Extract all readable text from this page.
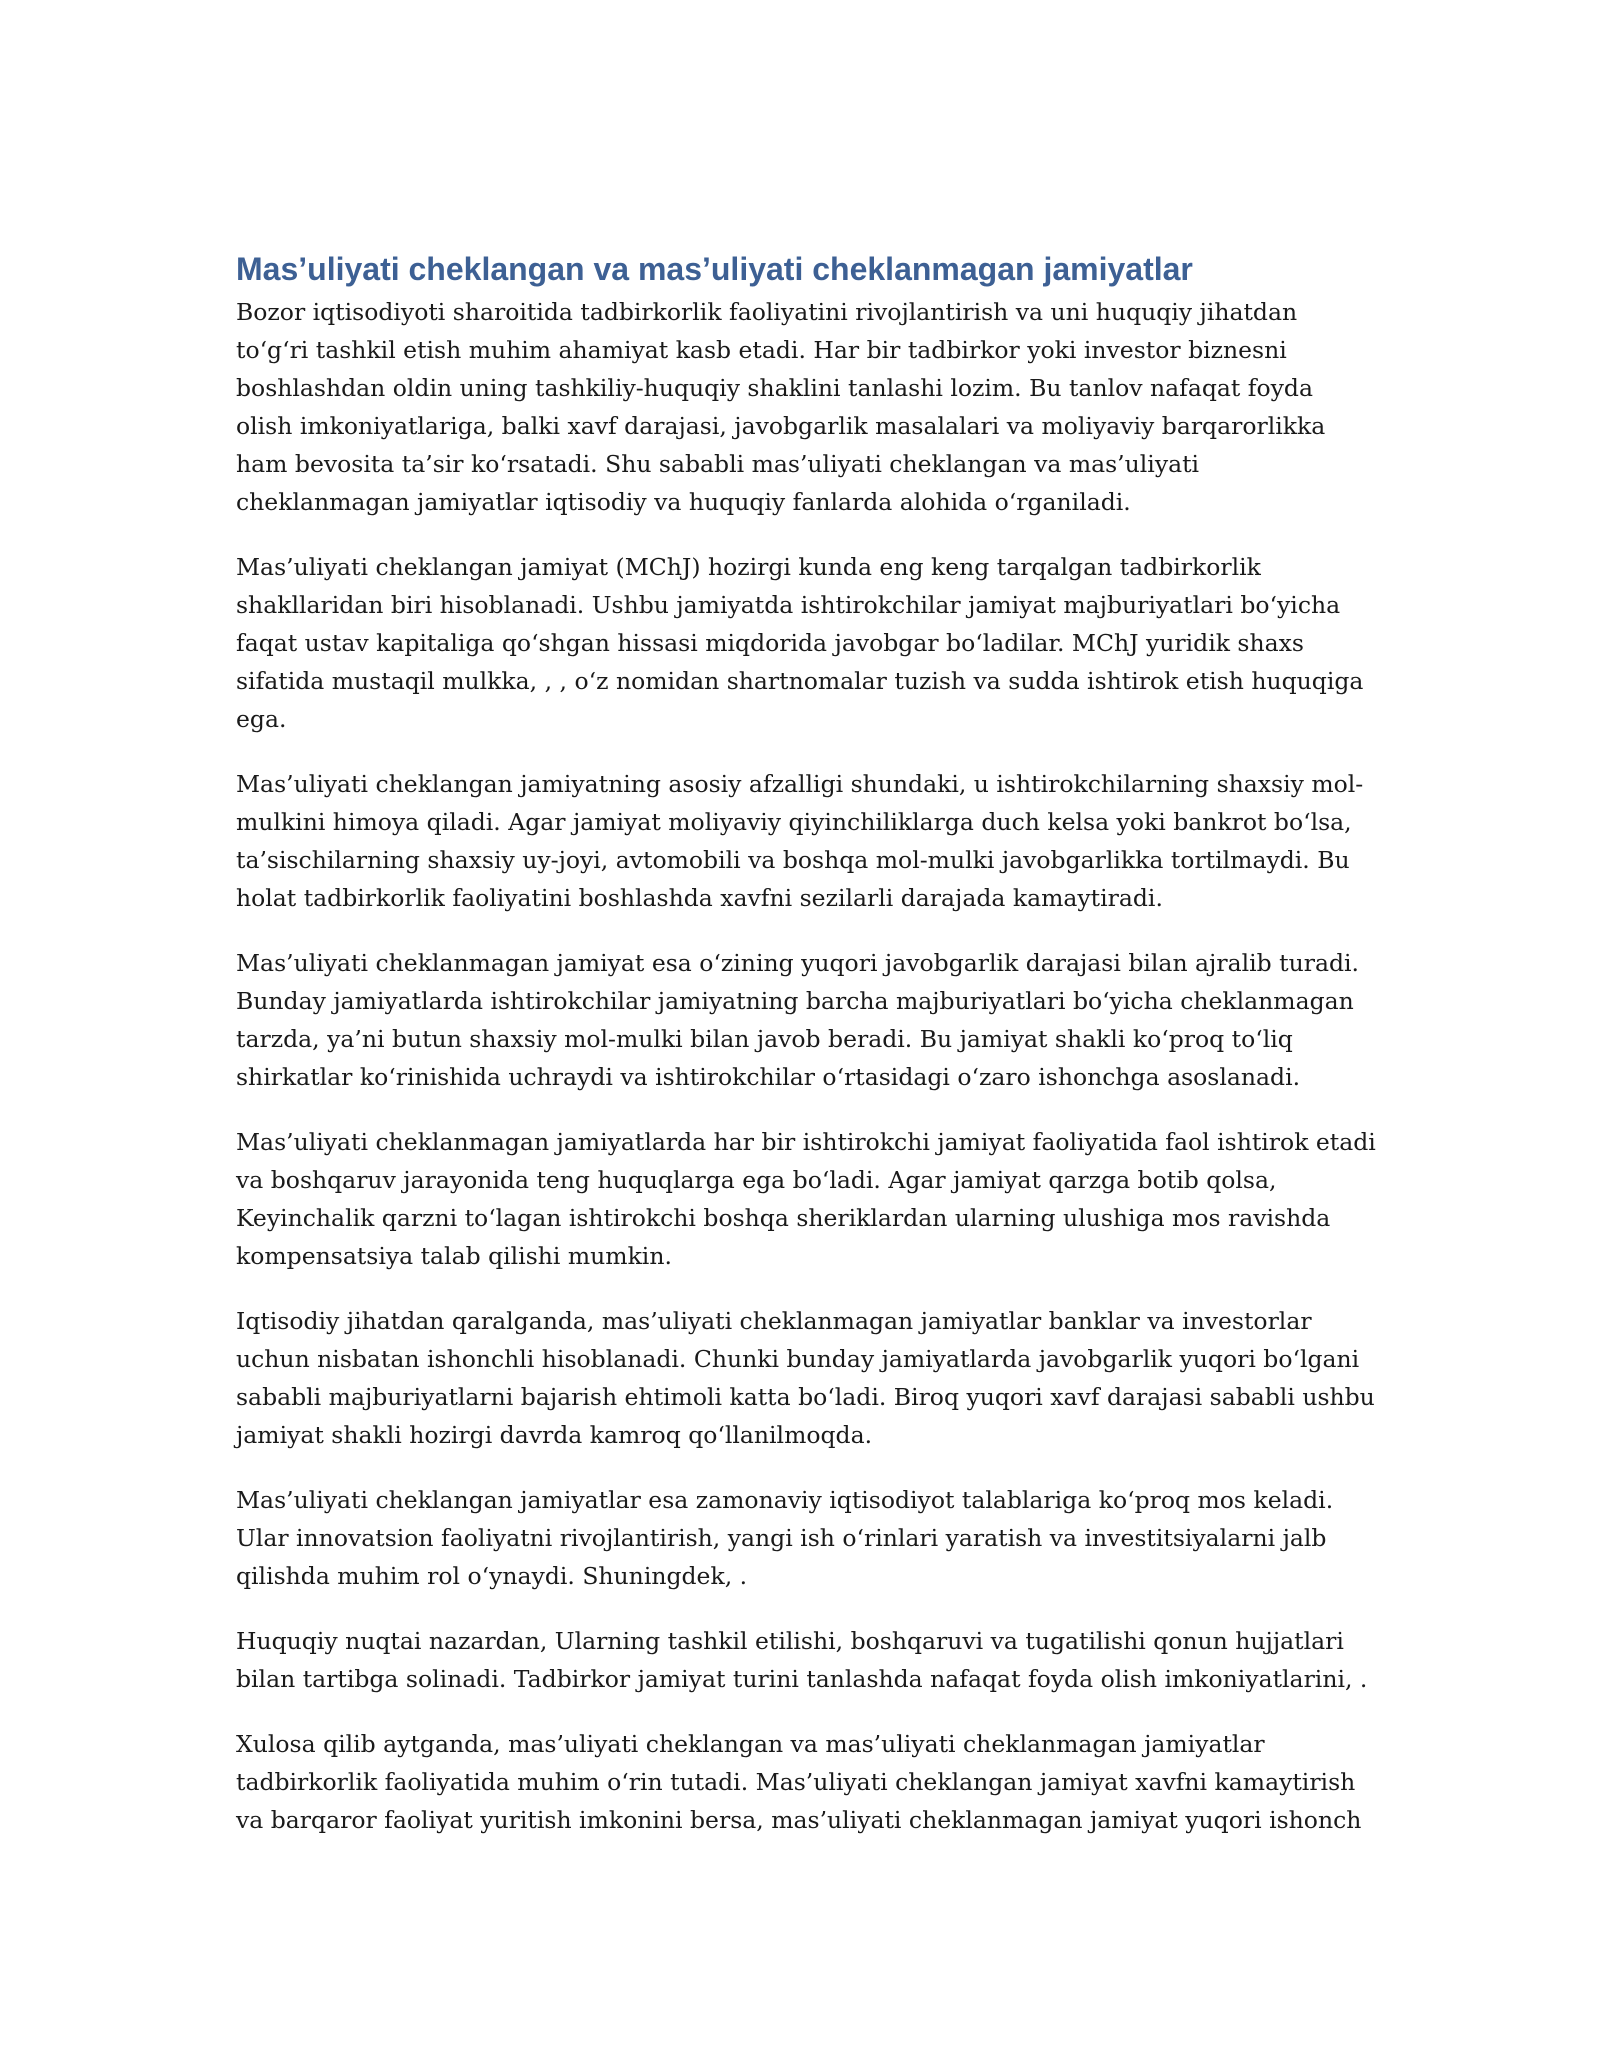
Mas’uliyati cheklangan va mas’uliyati cheklanmagan jamiyatlar

Bozor iqtisodiyoti sharoitida tadbirkorlik faoliyatini rivojlantirish va uni huquqiy jihatdan to‘g‘ri tashkil etish muhim ahamiyat kasb etadi. Har bir tadbirkor yoki investor biznesni boshlashdan oldin uning tashkiliy-huquqiy shaklini tanlashi lozim. Bu tanlov nafaqat foyda olish imkoniyatlariga, balki xavf darajasi, javobgarlik masalalari va moliyaviy barqarorlikka ham bevosita ta’sir ko‘rsatadi. Shu sababli mas’uliyati cheklangan va mas’uliyati cheklanmagan jamiyatlar iqtisodiy va huquqiy fanlarda alohida o‘rganiladi.

Mas’uliyati cheklangan jamiyat (MChJ) hozirgi kunda eng keng tarqalgan tadbirkorlik shakllaridan biri hisoblanadi. Ushbu jamiyatda ishtirokchilar jamiyat majburiyatlari bo‘yicha faqat ustav kapitaliga qo‘shgan hissasi miqdorida javobgar bo‘ladilar. MChJ yuridik shaxs sifatida mustaqil mulkka, , , o‘z nomidan shartnomalar tuzish va sudda ishtirok etish huquqiga ega.

Mas’uliyati cheklangan jamiyatning asosiy afzalligi shundaki, u ishtirokchilarning shaxsiy mol-mulkini himoya qiladi. Agar jamiyat moliyaviy qiyinchiliklarga duch kelsa yoki bankrot bo‘lsa, ta’sischilarning shaxsiy uy-joyi, avtomobili va boshqa mol-mulki javobgarlikka tortilmaydi. Bu holat tadbirkorlik faoliyatini boshlashda xavfni sezilarli darajada kamaytiradi.

Mas’uliyati cheklanmagan jamiyat esa o‘zining yuqori javobgarlik darajasi bilan ajralib turadi. Bunday jamiyatlarda ishtirokchilar jamiyatning barcha majburiyatlari bo‘yicha cheklanmagan tarzda, ya’ni butun shaxsiy mol-mulki bilan javob beradi. Bu jamiyat shakli ko‘proq to‘liq shirkatlar ko‘rinishida uchraydi va ishtirokchilar o‘rtasidagi o‘zaro ishonchga asoslanadi.

Mas’uliyati cheklanmagan jamiyatlarda har bir ishtirokchi jamiyat faoliyatida faol ishtirok etadi va boshqaruv jarayonida teng huquqlarga ega bo‘ladi. Agar jamiyat qarzga botib qolsa, Keyinchalik qarzni to‘lagan ishtirokchi boshqa sheriklardan ularning ulushiga mos ravishda kompensatsiya talab qilishi mumkin.

Iqtisodiy jihatdan qaralganda, mas’uliyati cheklanmagan jamiyatlar banklar va investorlar uchun nisbatan ishonchli hisoblanadi. Chunki bunday jamiyatlarda javobgarlik yuqori bo‘lgani sababli majburiyatlarni bajarish ehtimoli katta bo‘ladi. Biroq yuqori xavf darajasi sababli ushbu jamiyat shakli hozirgi davrda kamroq qo‘llanilmoqda.

Mas’uliyati cheklangan jamiyatlar esa zamonaviy iqtisodiyot talablariga ko‘proq mos keladi. Ular innovatsion faoliyatni rivojlantirish, yangi ish o‘rinlari yaratish va investitsiyalarni jalb qilishda muhim rol o‘ynaydi. Shuningdek, .

Huquqiy nuqtai nazardan, Ularning tashkil etilishi, boshqaruvi va tugatilishi qonun hujjatlari bilan tartibga solinadi. Tadbirkor jamiyat turini tanlashda nafaqat foyda olish imkoniyatlarini, .

Xulosa qilib aytganda, mas’uliyati cheklangan va mas’uliyati cheklanmagan jamiyatlar tadbirkorlik faoliyatida muhim o‘rin tutadi. Mas’uliyati cheklangan jamiyat xavfni kamaytirish va barqaror faoliyat yuritish imkonini bersa, mas’uliyati cheklanmagan jamiyat yuqori ishonch
